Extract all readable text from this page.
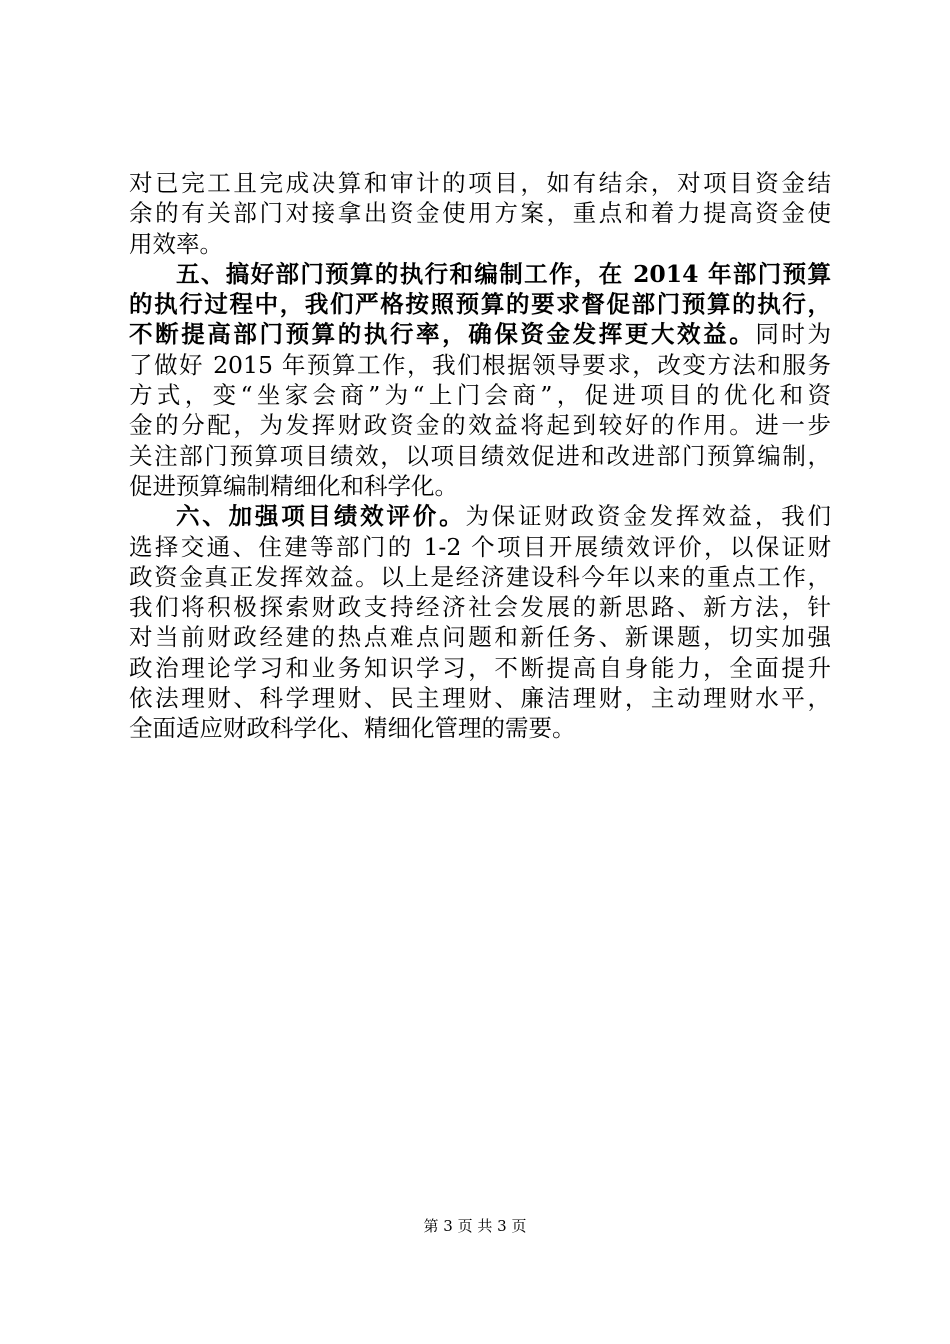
对已完工且完成决算和审计的项目，如有结余，对项目资金结
余的有关部门对接拿出资金使用方案，重点和着力提高资金使
用效率。
五、搞好部门预算的执行和编制工作，在 2014 年部门预算
的执行过程中，我们严格按照预算的要求督促部门预算的执行，
不断提高部门预算的执行率，确保资金发挥更大效益。同时为
了做好 2015 年预算工作，我们根据领导要求，改变方法和服务
方式，变“坐家会商”为“上门会商”，促进项目的优化和资
金的分配，为发挥财政资金的效益将起到较好的作用。进一步
关注部门预算项目绩效，以项目绩效促进和改进部门预算编制，
促进预算编制精细化和科学化。
六、加强项目绩效评价。为保证财政资金发挥效益，我们
选择交通、住建等部门的 1-2 个项目开展绩效评价，以保证财
政资金真正发挥效益。以上是经济建设科今年以来的重点工作，
我们将积极探索财政支持经济社会发展的新思路、新方法，针
对当前财政经建的热点难点问题和新任务、新课题，切实加强
政治理论学习和业务知识学习，不断提高自身能力，全面提升
依法理财、科学理财、民主理财、廉洁理财，主动理财水平，
全面适应财政科学化、精细化管理的需要。
第 3 页 共 3 页
